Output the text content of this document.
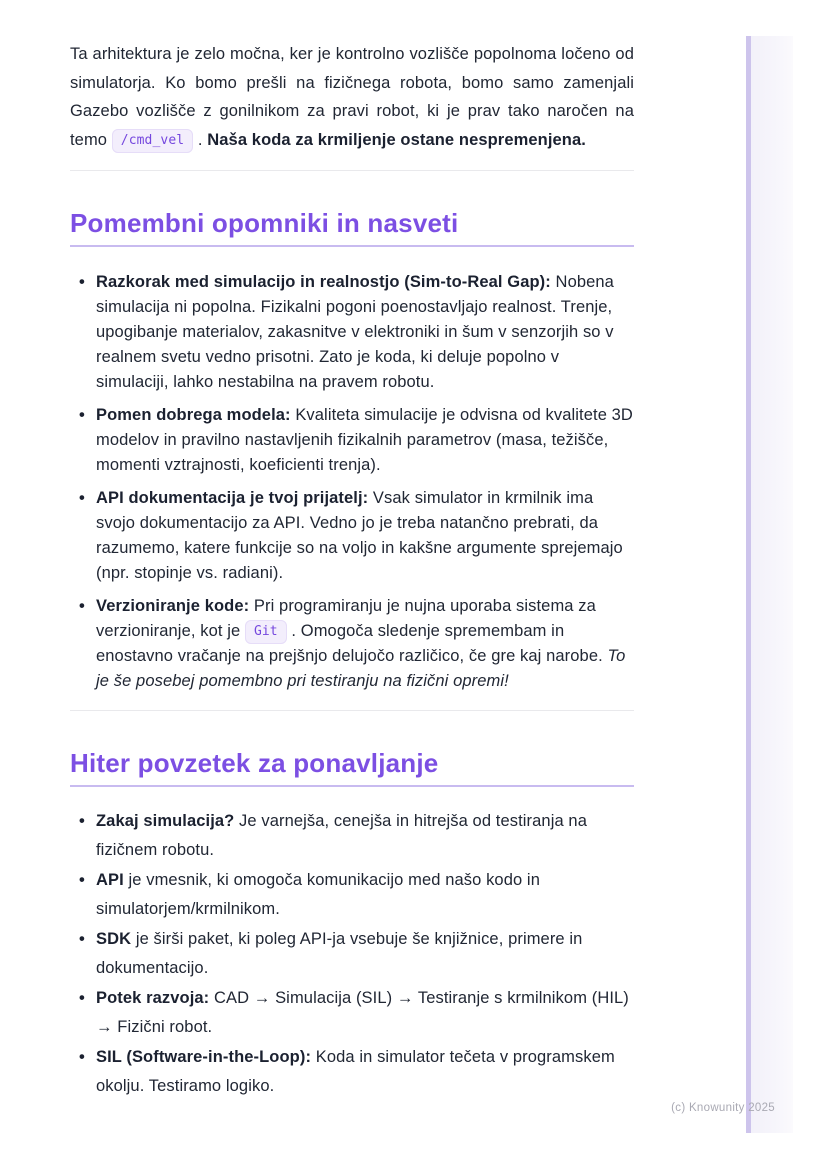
Ta arhitektura je zelo močna, ker je kontrolno vozlišče popolnoma ločeno od simulatorja. Ko bomo prešli na fizičnega robota, bomo samo zamenjali Gazebo vozlišče z gonilnikom za pravi robot, ki je prav tako naročen na temo /cmd_vel . Naša koda za krmiljenje ostane nespremenjena.

Pomembni opomniki in nasveti
• Razkorak med simulacijo in realnostjo (Sim-to-Real Gap): Nobena simulacija ni popolna. Fizikalni pogoni poenostavljajo realnost. Trenje, upogibanje materialov, zakasnitve v elektroniki in šum v senzorjih so v realnem svetu vedno prisotni. Zato je koda, ki deluje popolno v simulaciji, lahko nestabilna na pravem robotu.
• Pomen dobrega modela: Kvaliteta simulacije je odvisna od kvalitete 3D modelov in pravilno nastavljenih fizikalnih parametrov (masa, težišče, momenti vztrajnosti, koeficienti trenja).
• API dokumentacija je tvoj prijatelj: Vsak simulator in krmilnik ima svojo dokumentacijo za API. Vedno jo je treba natančno prebrati, da razumemo, katere funkcije so na voljo in kakšne argumente sprejemajo (npr. stopinje vs. radiani).
• Verzioniranje kode: Pri programiranju je nujna uporaba sistema za verzioniranje, kot je Git . Omogoča sledenje spremembam in enostavno vračanje na prejšnjo delujočo različico, če gre kaj narobe. To je še posebej pomembno pri testiranju na fizični opremi!
Hiter povzetek za ponavljanje
• Zakaj simulacija? Je varnejša, cenejša in hitrejša od testiranja na fizičnem robotu.
• API je vmesnik, ki omogoča komunikacijo med našo kodo in simulatorjem/krmilnikom.
• SDK je širši paket, ki poleg API-ja vsebuje še knjižnice, primere in dokumentacijo.
• Potek razvoja: CAD → Simulacija (SIL) → Testiranje s krmilnikom (HIL) → Fizični robot.
• SIL (Software-in-the-Loop): Koda in simulator tečeta v programskem okolju. Testiramo logiko.
(c) Knowunity 2025
